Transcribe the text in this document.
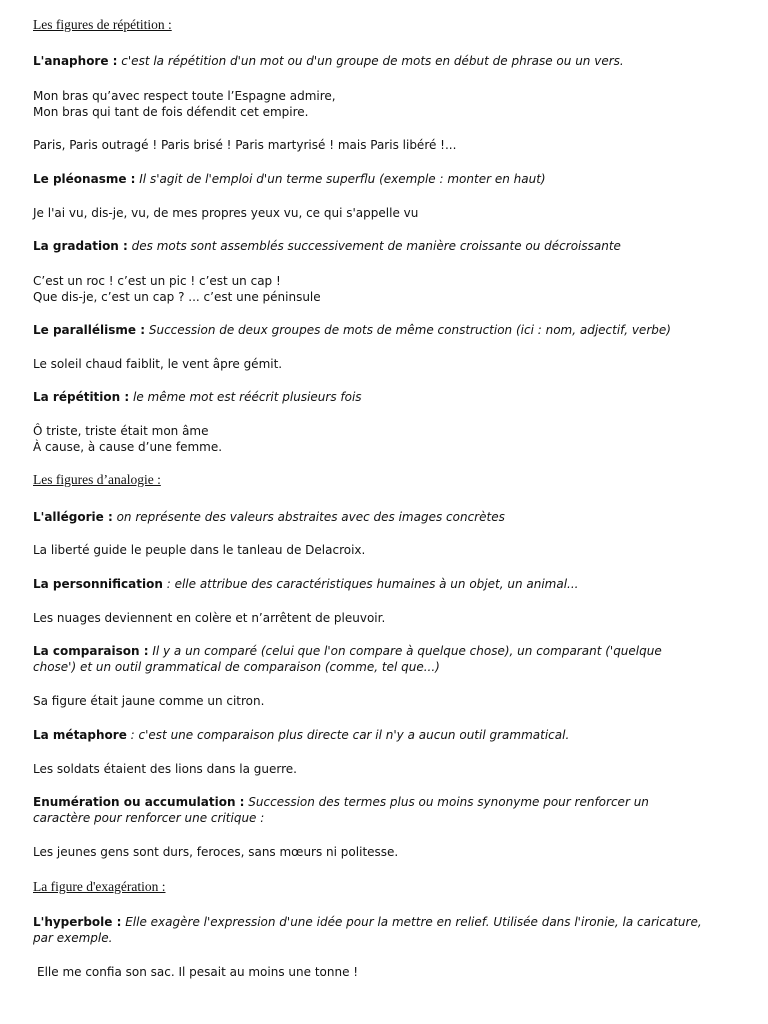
Les figures de répétition :
L'anaphore : c'est la répétition d'un mot ou d'un groupe de mots en début de phrase ou un vers.
Mon bras qu’avec respect toute l’Espagne admire,
Mon bras qui tant de fois défendit cet empire.
Paris, Paris outragé ! Paris brisé ! Paris martyrisé ! mais Paris libéré !...
Le pléonasme : Il s'agit de l'emploi d'un terme superflu (exemple : monter en haut)
Je l'ai vu, dis-je, vu, de mes propres yeux vu, ce qui s'appelle vu
La gradation : des mots sont assemblés successivement de manière croissante ou décroissante
C’est un roc ! c’est un pic ! c’est un cap !
Que dis-je, c’est un cap ? ... c’est une péninsule
Le parallélisme : Succession de deux groupes de mots de même construction (ici : nom, adjectif, verbe)
Le soleil chaud faiblit, le vent âpre gémit.
La répétition : le même mot est réécrit plusieurs fois
Ô triste, triste était mon âme
À cause, à cause d’une femme.
Les figures d’analogie :
L'allégorie : on représente des valeurs abstraites avec des images concrètes
La liberté guide le peuple dans le tanleau de Delacroix.
La personnification : elle attribue des caractéristiques humaines à un objet, un animal...
Les nuages deviennent en colère et n’arrêtent de pleuvoir.
La comparaison : Il y a un comparé (celui que l'on compare à quelque chose), un comparant ('quelque
chose') et un outil grammatical de comparaison (comme, tel que...)
Sa figure était jaune comme un citron.
La métaphore : c'est une comparaison plus directe car il n'y a aucun outil grammatical.
Les soldats étaient des lions dans la guerre.
Enumération ou accumulation : Succession des termes plus ou moins synonyme pour renforcer un
caractère pour renforcer une critique :
Les jeunes gens sont durs, feroces, sans mœurs ni politesse.
La figure d'exagération :
L'hyperbole : Elle exagère l'expression d'une idée pour la mettre en relief. Utilisée dans l'ironie, la caricature,
par exemple.
Elle me confia son sac. Il pesait au moins une tonne !
